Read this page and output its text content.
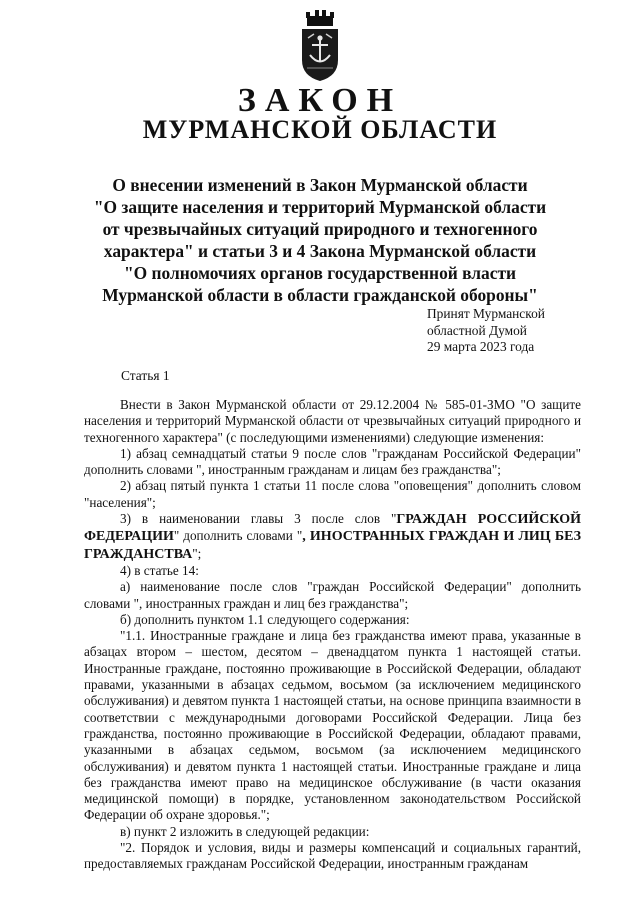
ЗАКОН
МУРМАНСКОЙ ОБЛАСТИ
О внесении изменений в Закон Мурманской области
"О защите населения и территорий Мурманской области
от чрезвычайных ситуаций природного и техногенного
характера" и статьи 3 и 4 Закона Мурманской области
"О полномочиях органов государственной власти
Мурманской области в области гражданской обороны"
Принят Мурманской
областной Думой
29 марта 2023 года
Статья 1

Внести в Закон Мурманской области от 29.12.2004 № 585-01-ЗМО "О защите населения и территорий Мурманской области от чрезвычайных ситуаций природного и техногенного характера" (с последующими изменениями) следующие изменения:

1) абзац семнадцатый статьи 9 после слов "гражданам Российской Федерации" дополнить словами ", иностранным гражданам и лицам без гражданства";

2) абзац пятый пункта 1 статьи 11 после слова "оповещения" дополнить словом "населения";

3) в наименовании главы 3 после слов "ГРАЖДАН РОССИЙСКОЙ ФЕДЕРАЦИИ" дополнить словами ", ИНОСТРАННЫХ ГРАЖДАН И ЛИЦ БЕЗ ГРАЖДАНСТВА";

4) в статье 14:

а) наименование после слов "граждан Российской Федерации" дополнить словами ", иностранных граждан и лиц без гражданства";

б) дополнить пунктом 1.1 следующего содержания:

"1.1. Иностранные граждане и лица без гражданства имеют права, указанные в абзацах втором – шестом, десятом – двенадцатом пункта 1 настоящей статьи. Иностранные граждане, постоянно проживающие в Российской Федерации, обладают правами, указанными в абзацах седьмом, восьмом (за исключением медицинского обслуживания) и девятом пункта 1 настоящей статьи, на основе принципа взаимности в соответствии с международными договорами Российской Федерации. Лица без гражданства, постоянно проживающие в Российской Федерации, обладают правами, указанными в абзацах седьмом, восьмом (за исключением медицинского обслуживания) и девятом пункта 1 настоящей статьи. Иностранные граждане и лица без гражданства имеют право на медицинское обслуживание (в части оказания медицинской помощи) в порядке, установленном законодательством Российской Федерации об охране здоровья.";

в) пункт 2 изложить в следующей редакции:

"2. Порядок и условия, виды и размеры компенсаций и социальных гарантий, предоставляемых гражданам Российской Федерации, иностранным гражданам
